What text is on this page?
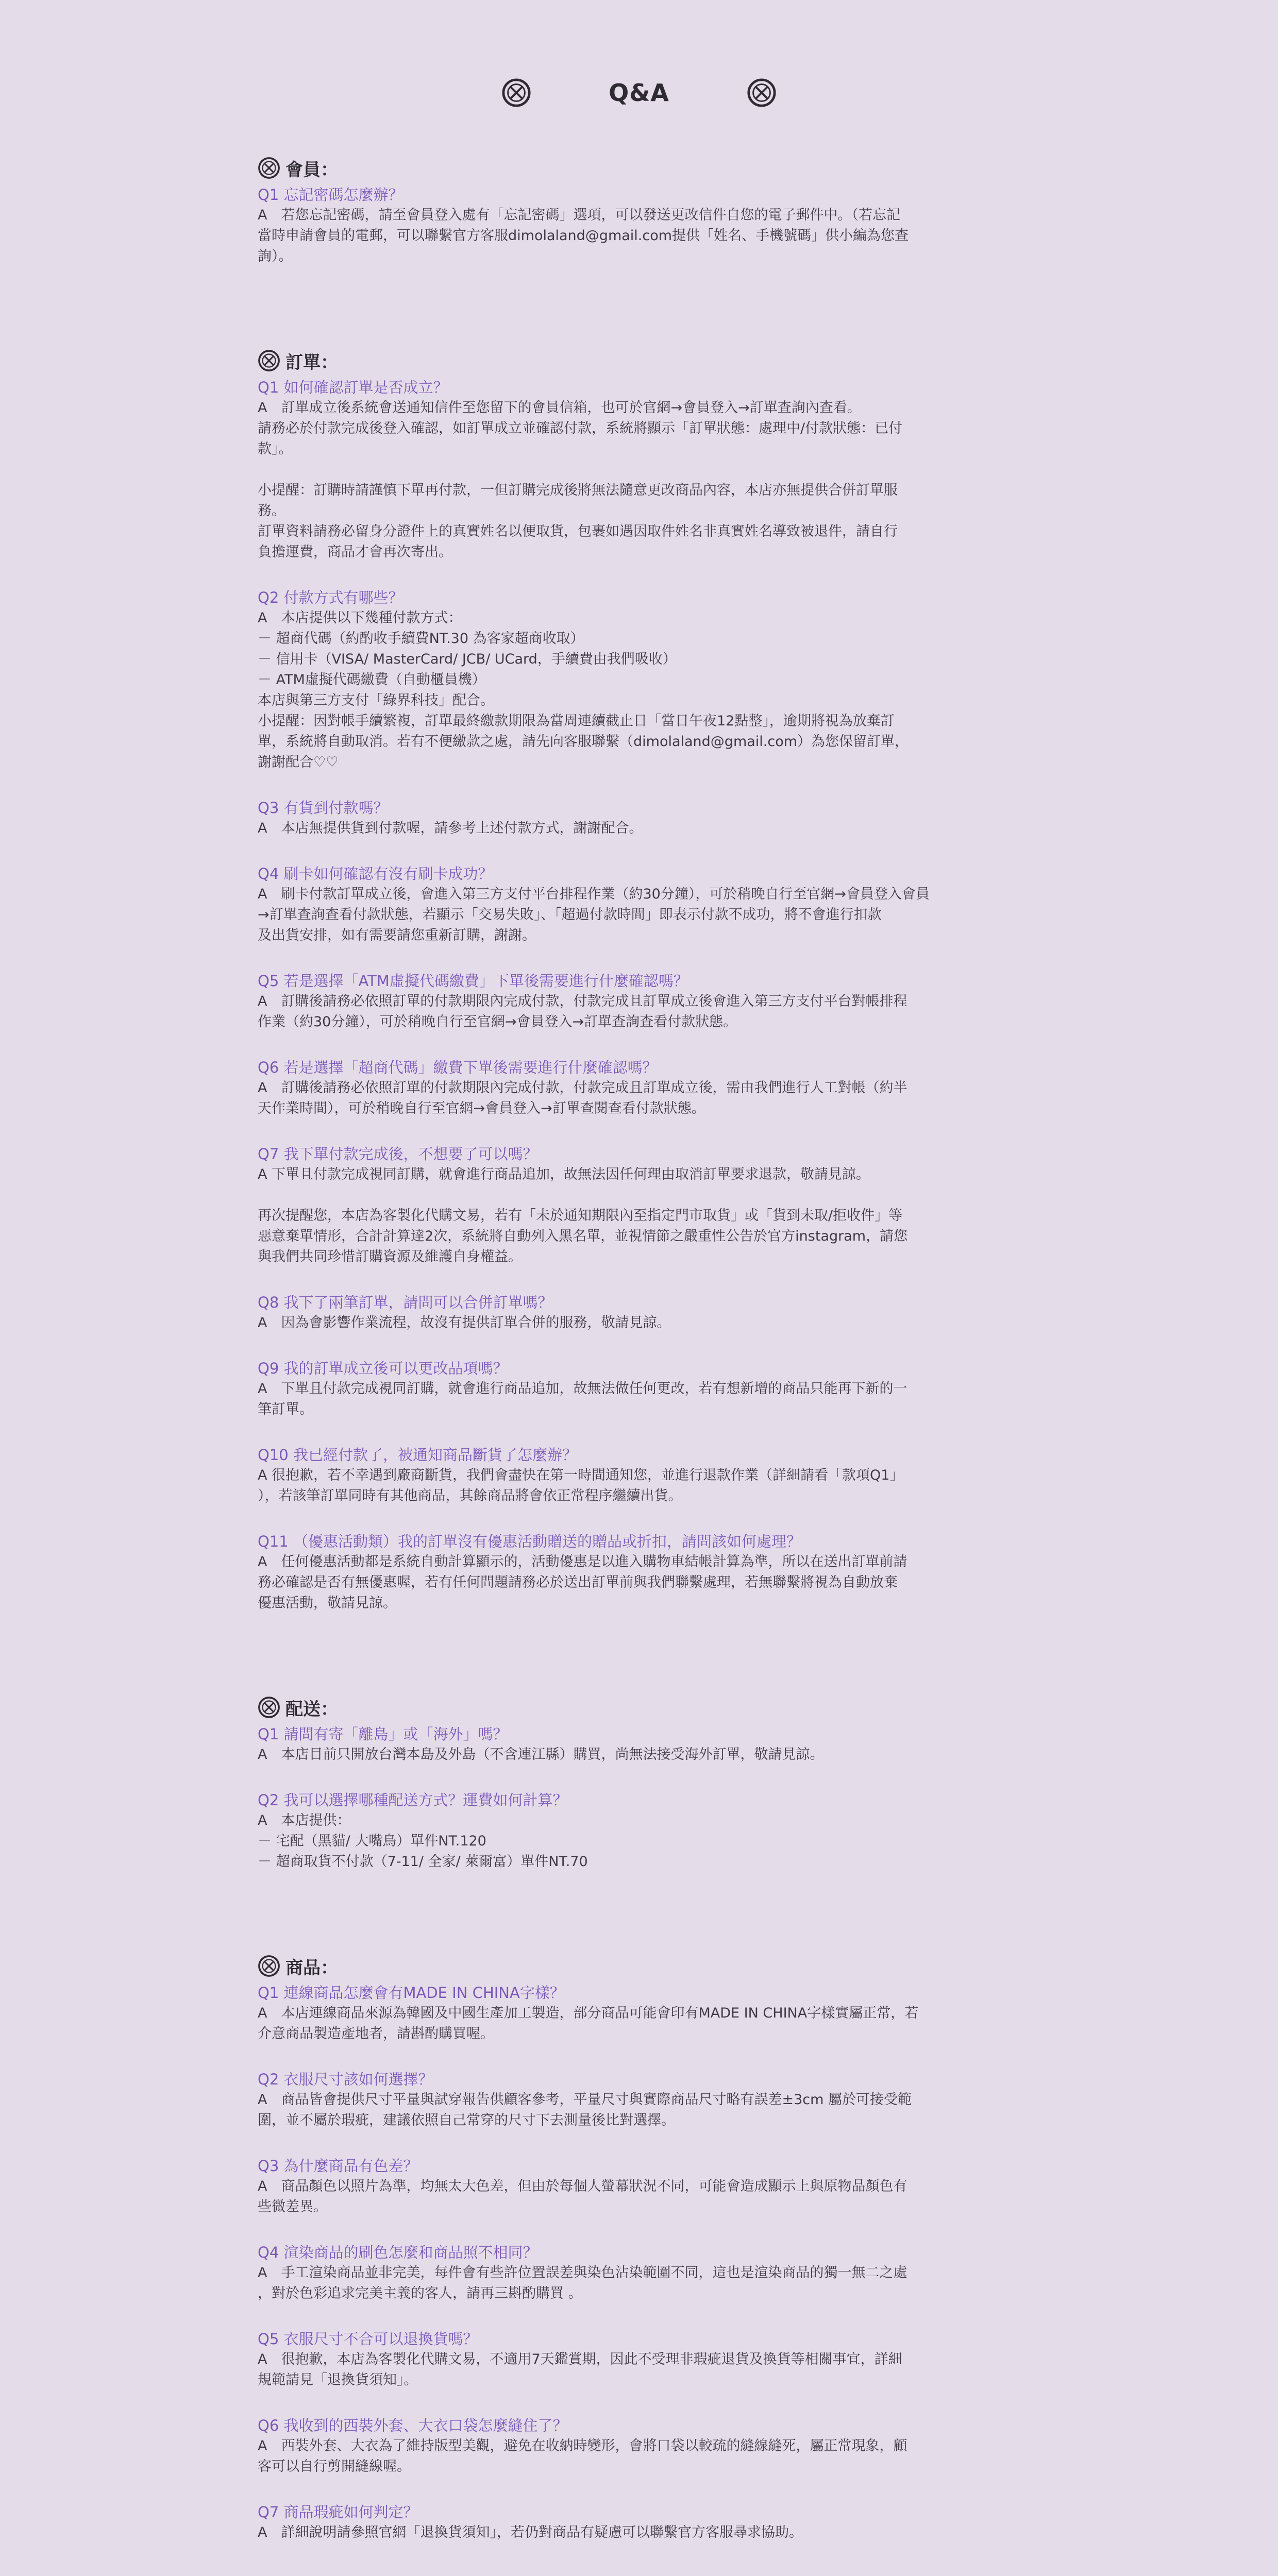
Q&A
會員：
Q1 忘記密碼怎麼辦？

A　若您忘記密碼，請至會員登入處有「忘記密碼」選項，可以發送更改信件自您的電子郵件中。（若忘記

當時申請會員的電郵，可以聯繫官方客服dimolaland@gmail.com提供「姓名、手機號碼」供小編為您查

詢）。

訂單：
Q1 如何確認訂單是否成立？

A　訂單成立後系統會送通知信件至您留下的會員信箱，也可於官網→會員登入→訂單查詢內查看。

請務必於付款完成後登入確認，如訂單成立並確認付款，系統將顯示「訂單狀態：處理中/付款狀態：已付

款」。

小提醒：訂購時請謹慎下單再付款，一但訂購完成後將無法隨意更改商品內容，本店亦無提供合併訂單服

務。

訂單資料請務必留身分證件上的真實姓名以便取貨，包裹如遇因取件姓名非真實姓名導致被退件，請自行

負擔運費，商品才會再次寄出。

Q2 付款方式有哪些？

A　本店提供以下幾種付款方式：

－ 超商代碼（約酌收手續費NT.30 為客家超商收取）

－ 信用卡（VISA/ MasterCard/ JCB/ UCard，手續費由我們吸收）

－ ATM虛擬代碼繳費（自動櫃員機）

本店與第三方支付「綠界科技」配合。

小提醒：因對帳手續繁複，訂單最終繳款期限為當周連續截止日「當日午夜12點整」，逾期將視為放棄訂

單，系統將自動取消。若有不便繳款之處，請先向客服聯繫（dimolaland@gmail.com）為您保留訂單，

謝謝配合♡♡

Q3 有貨到付款嗎？

A　本店無提供貨到付款喔，請參考上述付款方式，謝謝配合。

Q4 刷卡如何確認有沒有刷卡成功？

A　刷卡付款訂單成立後，會進入第三方支付平台排程作業（約30分鐘），可於稍晚自行至官網→會員登入會員

→訂單查詢查看付款狀態，若顯示「交易失敗」、「超過付款時間」即表示付款不成功，將不會進行扣款

及出貨安排，如有需要請您重新訂購，謝謝。

Q5 若是選擇「ATM虛擬代碼繳費」下單後需要進行什麼確認嗎？

A　訂購後請務必依照訂單的付款期限內完成付款，付款完成且訂單成立後會進入第三方支付平台對帳排程

作業（約30分鐘），可於稍晚自行至官網→會員登入→訂單查詢查看付款狀態。

Q6 若是選擇「超商代碼」繳費下單後需要進行什麼確認嗎？

A　訂購後請務必依照訂單的付款期限內完成付款，付款完成且訂單成立後，需由我們進行人工對帳（約半

天作業時間），可於稍晚自行至官網→會員登入→訂單查閱查看付款狀態。

Q7 我下單付款完成後，不想要了可以嗎？

A 下單且付款完成視同訂購，就會進行商品追加，故無法因任何理由取消訂單要求退款，敬請見諒。

再次提醒您，本店為客製化代購文易，若有「未於通知期限內至指定門市取貨」或「貨到未取/拒收件」等

惡意棄單情形，合計計算達2次，系統將自動列入黑名單，並視情節之嚴重性公告於官方instagram，請您

與我們共同珍惜訂購資源及維護自身權益。

Q8 我下了兩筆訂單，請問可以合併訂單嗎？

A　因為會影響作業流程，故沒有提供訂單合併的服務，敬請見諒。

Q9 我的訂單成立後可以更改品項嗎？

A　下單且付款完成視同訂購，就會進行商品追加，故無法做任何更改，若有想新增的商品只能再下新的一

筆訂單。

Q10 我已經付款了，被通知商品斷貨了怎麼辦？

A 很抱歉，若不幸遇到廠商斷貨，我們會盡快在第一時間通知您，並進行退款作業（詳細請看「款項Q1」

），若該筆訂單同時有其他商品，其餘商品將會依正常程序繼續出貨。

Q11 （優惠活動類）我的訂單沒有優惠活動贈送的贈品或折扣，請問該如何處理？

A　任何優惠活動都是系統自動計算顯示的，活動優惠是以進入購物車結帳計算為準，所以在送出訂單前請

務必確認是否有無優惠喔，若有任何問題請務必於送出訂單前與我們聯繫處理，若無聯繫將視為自動放棄

優惠活動，敬請見諒。

配送：
Q1 請問有寄「離島」或「海外」嗎？

A　本店目前只開放台灣本島及外島（不含連江縣）購買，尚無法接受海外訂單，敬請見諒。

Q2 我可以選擇哪種配送方式？運費如何計算？

A　本店提供：

－ 宅配（黑貓/ 大嘴鳥）單件NT.120

－ 超商取貨不付款（7-11/ 全家/ 萊爾富）單件NT.70

商品：
Q1 連線商品怎麼會有MADE IN CHINA字樣？

A　本店連線商品來源為韓國及中國生產加工製造，部分商品可能會印有MADE IN CHINA字樣實屬正常，若

介意商品製造產地者，請斟酌購買喔。

Q2 衣服尺寸該如何選擇？

A　商品皆會提供尺寸平量與試穿報告供顧客參考，平量尺寸與實際商品尺寸略有誤差±3cm 屬於可接受範

圍，並不屬於瑕疵，建議依照自己常穿的尺寸下去測量後比對選擇。

Q3 為什麼商品有色差？

A　商品顏色以照片為準，均無太大色差，但由於每個人螢幕狀況不同，可能會造成顯示上與原物品顏色有

些微差異。

Q4 渲染商品的刷色怎麼和商品照不相同？

A　手工渲染商品並非完美，每件會有些許位置誤差與染色沾染範圍不同，這也是渲染商品的獨一無二之處

，對於色彩追求完美主義的客人，請再三斟酌購買 。

Q5 衣服尺寸不合可以退換貨嗎？

A　很抱歉，本店為客製化代購文易，不適用7天鑑賞期，因此不受理非瑕疵退貨及換貨等相關事宜，詳細

規範請見「退換貨須知」。

Q6 我收到的西裝外套、大衣口袋怎麼縫住了？

A　西裝外套、大衣為了維持版型美觀，避免在收納時變形，會將口袋以較疏的縫線縫死，屬正常現象，顧

客可以自行剪開縫線喔。

Q7 商品瑕疵如何判定？

A　詳細說明請參照官網「退換貨須知」，若仍對商品有疑慮可以聯繫官方客服尋求協助。
